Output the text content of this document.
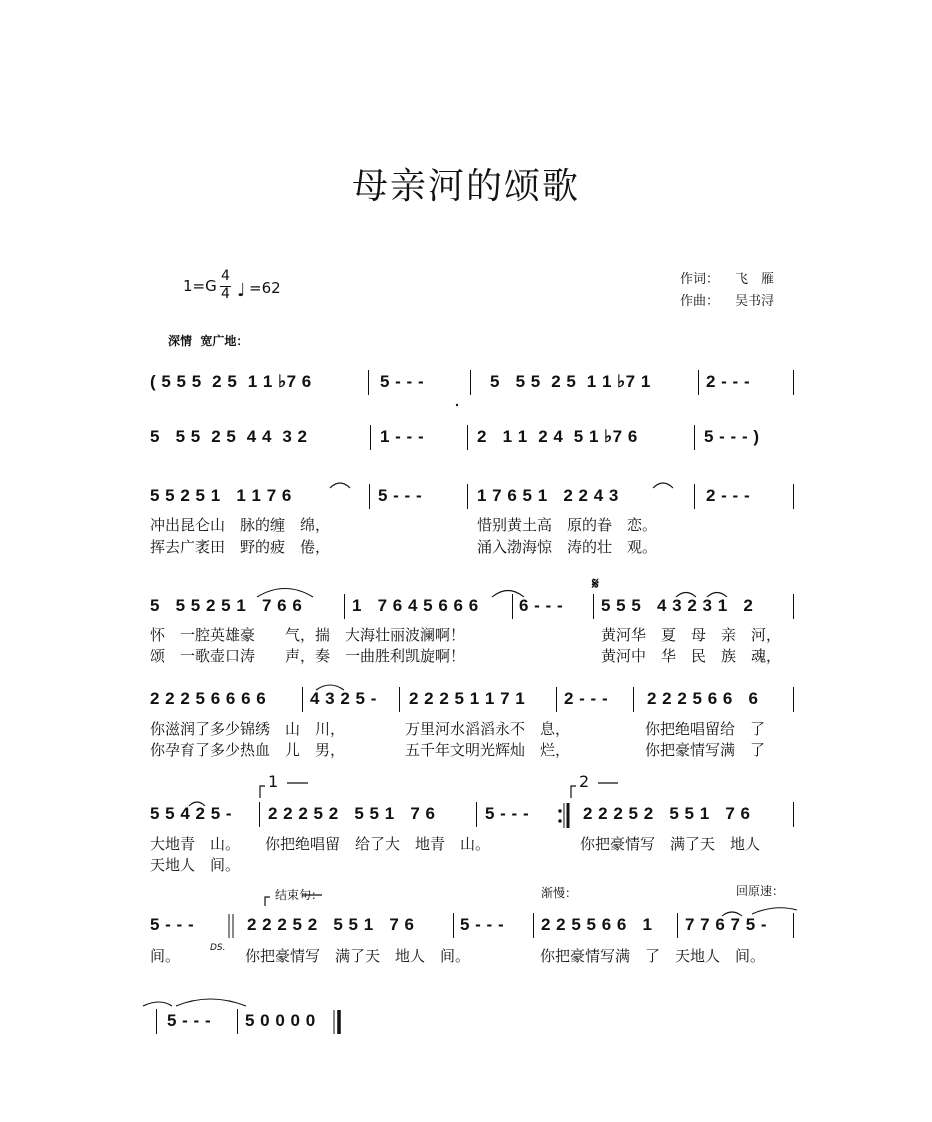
母亲河的颂歌
1=G
4
4 ♩ =62	作词： 飞　雁
作曲： 吴书浔
深情  宽广地：
( 5 5 5  2 5  1 1 ♭7 6	5 - - -	5   5 5  2 5  1 1 ♭7 1	2 - - -
5   5 5  2 5  4 4  3 2	1 - - -	2   1 1  2 4  5 1 ♭7 6	5 - - - )
5 5 2 5 1   1 1 7 6	5 - - -	1 7 6 5 1   2 2 4 3	2 - - -
冲出昆仑山　脉的缠　绵，	惜别黄土高　原的眷　恋。
挥去广袤田　野的疲　倦，	涌入渤海惊　涛的壮　观。
5   5 5 2 5 1   7 6 6	1   7 6 4 5 6 6 6 6 - - - 5 5 5   4 3 2 3 1   2
怀　一腔英雄豪　　气，揣　大海壮丽波澜啊！	黄河华　夏　母　亲　河，
颂　一歌壶口涛　　声，奏　一曲胜利凯旋啊！	黄河中　华　民　族　魂，
2 2 2 5 6 6 6 6	4 3 2 5 - 2 2 2 5 1 1 7 1 2 - - - 2 2 2 5 6 6   6
你滋润了多少锦绣　山　川，	万里河水滔滔永不　息，	你把绝唱留给　了
你孕育了多少热血　儿　男，	五千年文明光辉灿　烂，	你把豪情写满　了
5 5 4 2 5 - 2 2 2 5 2   5 5 1   7 6	5 - - -	2 2 2 5 2   5 5 1   7 6
大地青　山。 你把绝唱留　给了大　地青　山。	你把豪情写　满了天　地人
天地人　间。
5 - - -	2 2 2 5 2   5 5 1   7 6	5 - - - 2 2 5 5 6 6   1 7 7 6 7 5 -
间。	你把豪情写　满了天　地人　间。	你把豪情写满　了　天地人　间。
5 - - - 5 0 0 0 0
𝄋
结束句：	渐慢：	回原速：
DS.
1	2
